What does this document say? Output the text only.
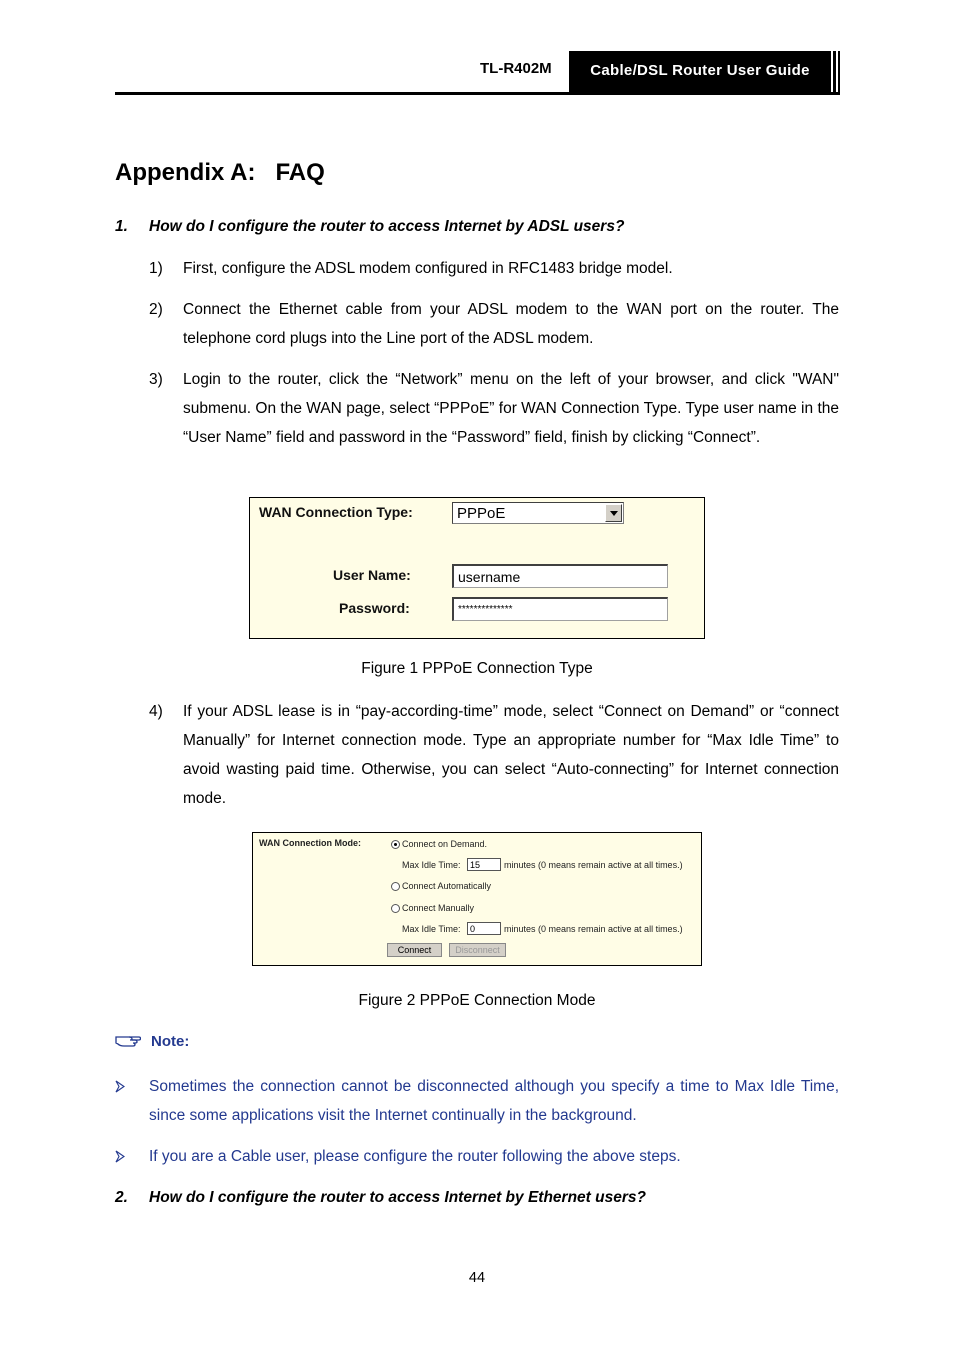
TL-R402M	Cable/DSL Router User Guide
Appendix A:   FAQ
1. How do I configure the router to access Internet by ADSL users?
1) First, configure the ADSL modem configured in RFC1483 bridge model.
2) Connect the Ethernet cable from your ADSL modem to the WAN port on the router. The telephone cord plugs into the Line port of the ADSL modem.
3) Login to the router, click the “Network” menu on the left of your browser, and click "WAN" submenu. On the WAN page, select “PPPoE” for WAN Connection Type. Type user name in the “User Name” field and password in the “Password” field, finish by clicking “Connect”.
WAN Connection Type:	PPPoE
User Name:	username
Password:	**************
Figure 1 PPPoE Connection Type
4) If your ADSL lease is in “pay-according-time” mode, select “Connect on Demand” or “connect Manually” for Internet connection mode. Type an appropriate number for “Max Idle Time” to avoid wasting paid time. Otherwise, you can select “Auto-connecting” for Internet connection mode.
WAN Connection Mode:	Connect on Demand.
Max Idle Time:	15	minutes (0 means remain active at all times.)
Connect Automatically
Connect Manually
Max Idle Time:	0	minutes (0 means remain active at all times.)
Connect	Disconnect
Figure 2 PPPoE Connection Mode
Note:
Sometimes the connection cannot be disconnected although you specify a time to Max Idle Time, since some applications visit the Internet continually in the background.
If you are a Cable user, please configure the router following the above steps.
2. How do I configure the router to access Internet by Ethernet users?
44
